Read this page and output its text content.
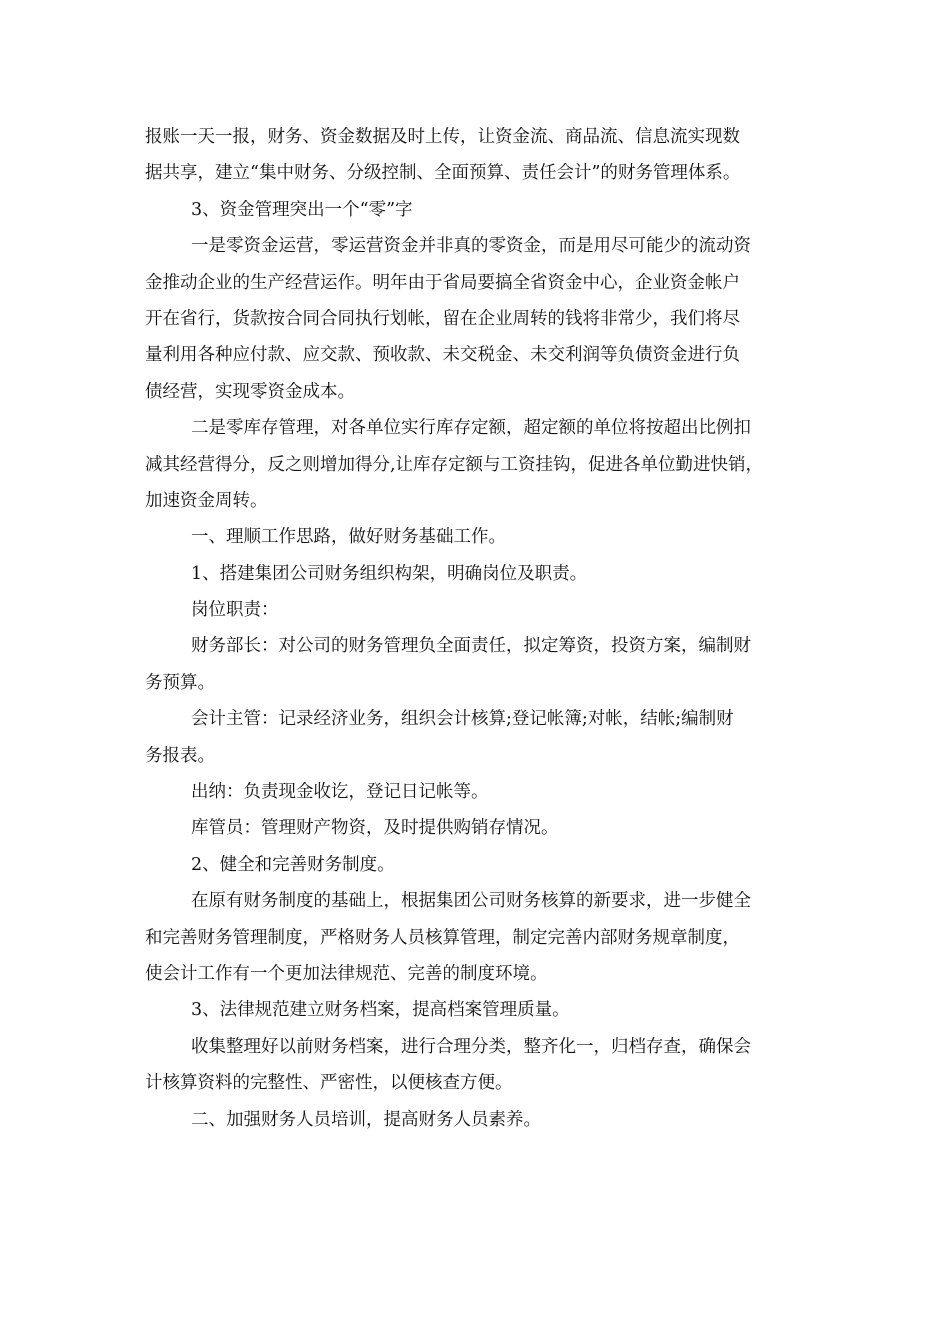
报账一天一报，财务、资金数据及时上传，让资金流、商品流、信息流实现数
据共享，建立“集中财务、分级控制、全面预算、责任会计”的财务管理体系。
3、资金管理突出一个“零”字
一是零资金运营，零运营资金并非真的零资金，而是用尽可能少的流动资
金推动企业的生产经营运作。明年由于省局要搞全省资金中心，企业资金帐户
开在省行，货款按合同合同执行划帐，留在企业周转的钱将非常少，我们将尽
量利用各种应付款、应交款、预收款、未交税金、未交利润等负债资金进行负
债经营，实现零资金成本。
二是零库存管理，对各单位实行库存定额，超定额的单位将按超出比例扣
减其经营得分，反之则增加得分,让库存定额与工资挂钩，促进各单位勤进快销，
加速资金周转。
一、理顺工作思路，做好财务基础工作。
1、搭建集团公司财务组织构架，明确岗位及职责。
岗位职责：
财务部长：对公司的财务管理负全面责任，拟定筹资，投资方案，编制财
务预算。
会计主管：记录经济业务，组织会计核算;登记帐簿;对帐，结帐;编制财
务报表。
出纳：负责现金收讫，登记日记帐等。
库管员：管理财产物资，及时提供购销存情况。
2、健全和完善财务制度。
在原有财务制度的基础上，根据集团公司财务核算的新要求，进一步健全
和完善财务管理制度，严格财务人员核算管理，制定完善内部财务规章制度，
使会计工作有一个更加法律规范、完善的制度环境。
3、法律规范建立财务档案，提高档案管理质量。
收集整理好以前财务档案，进行合理分类，整齐化一，归档存查，确保会
计核算资料的完整性、严密性，以便核查方便。
二、加强财务人员培训，提高财务人员素养。
